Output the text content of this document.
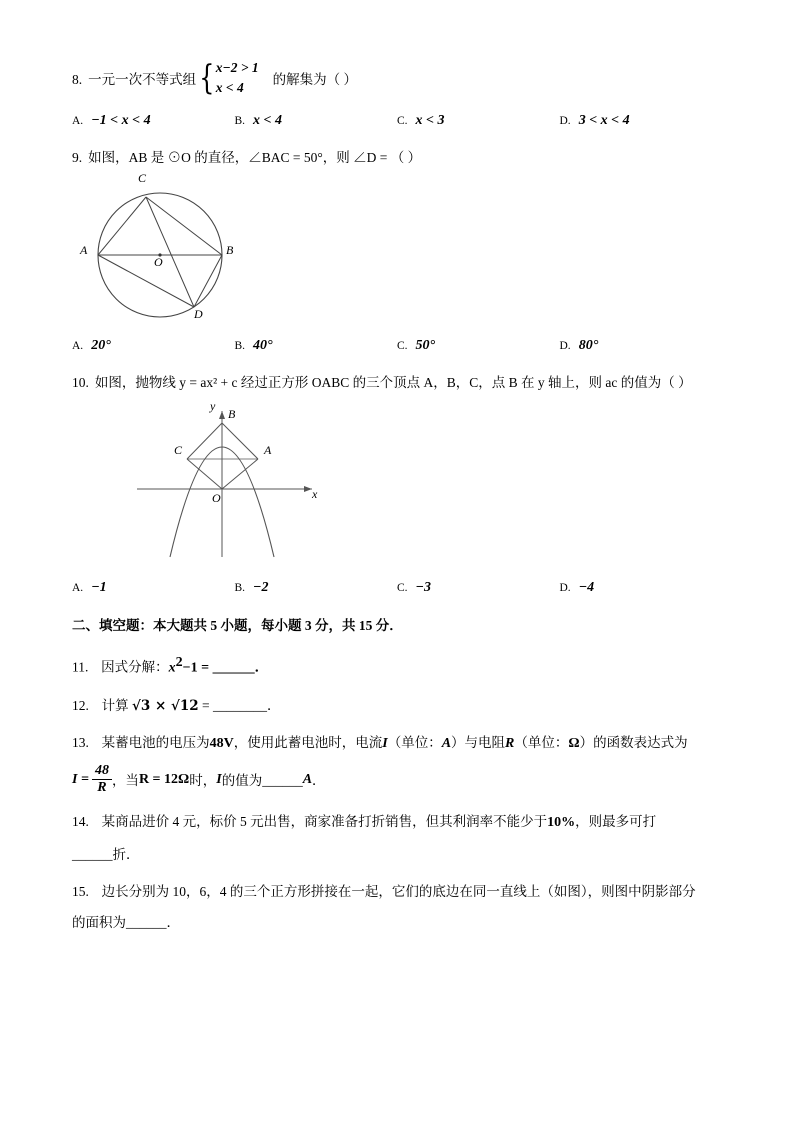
8. 一元一次不等式组 { x−2 > 1
x < 4
的解集为（ ）
A. −1 < x < 4	B. x < 4	C. x < 3	D. 3 < x < 4
9. 如图，AB 是 ⊙O 的直径，∠BAC = 50°，则 ∠D = （ ）
C
A	B
O
D
A. 20°	B. 40°	C. 50°	D. 80°
10. 如图，抛物线 y = ax² + c 经过正方形 OABC 的三个顶点 A，B，C，点 B 在 y 轴上，则 ac 的值为（ ）
y
x
O
A
B
C
A. −1	B. −2	C. −3	D. −4
二、填空题：本大题共 5 小题，每小题 3 分，共 15 分．
11. 因式分解：$x^2-1$ = ______．
12. 计算 √3 × √12 = ________．
13. 某蓄电池的电压为48V，使用此蓄电池时，电流I（单位：A）与电阻R（单位：Ω）的函数表达式为
$I = \frac{48}{R}$ ，当 R = 12Ω 时， I 的值为______ A ．
14. 某商品进价 4 元，标价 5 元出售，商家准备打折销售，但其利润率不能少于10%，则最多可打
______折．
15. 边长分别为 10，6，4 的三个正方形拼接在一起，它们的底边在同一直线上（如图），则图中阴影部分
的面积为______．
